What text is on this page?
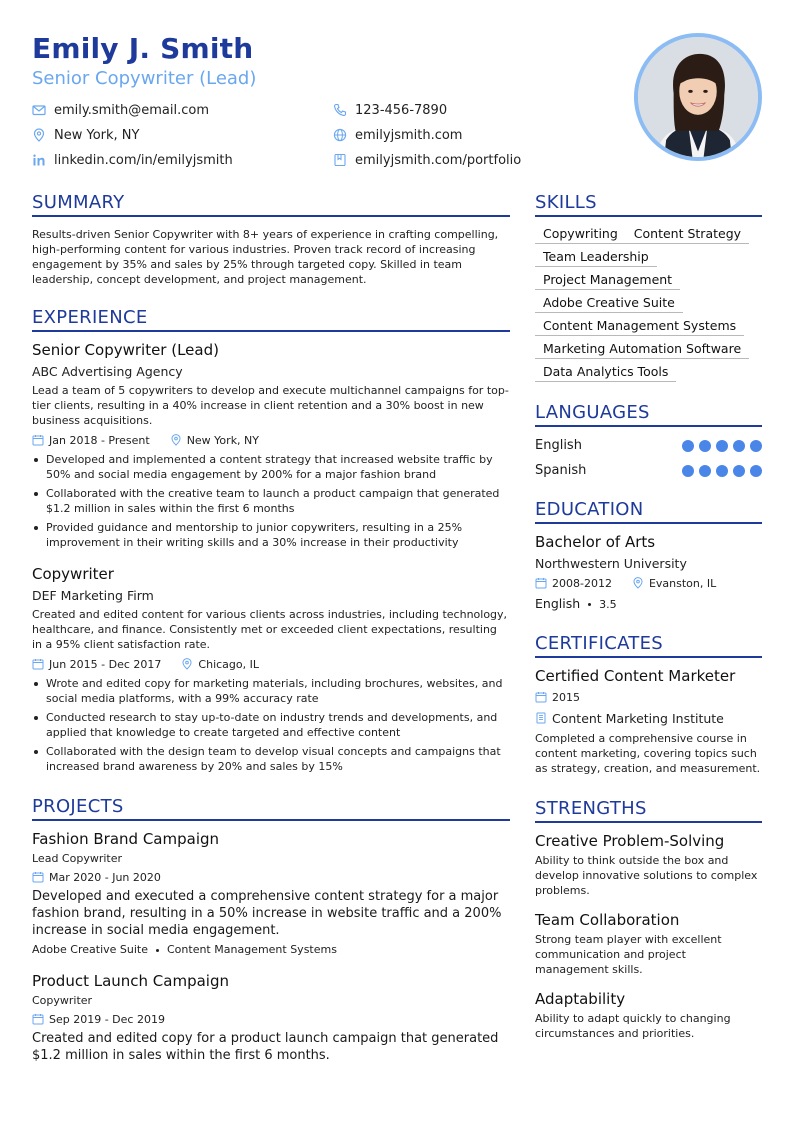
Emily J. Smith
Senior Copywriter (Lead)
emily.smith@email.com	123-456-7890
New York, NY	emilyjsmith.com
linkedin.com/in/emilyjsmith	emilyjsmith.com/portfolio
SUMMARY

Results-driven Senior Copywriter with 8+ years of experience in crafting compelling, high-performing content for various industries. Proven track record of increasing engagement by 35% and sales by 25% through targeted copy. Skilled in team leadership, concept development, and project management.

EXPERIENCE
Senior Copywriter (Lead)
ABC Advertising Agency

Lead a team of 5 copywriters to develop and execute multichannel campaigns for top-tier clients, resulting in a 40% increase in client retention and a 30% boost in new business acquisitions.

Jan 2018 - Present	New York, NY
Developed and implemented a content strategy that increased website traffic by 50% and social media engagement by 200% for a major fashion brand
Collaborated with the creative team to launch a product campaign that generated $1.2 million in sales within the first 6 months
Provided guidance and mentorship to junior copywriters, resulting in a 25% improvement in their writing skills and a 30% increase in their productivity
Copywriter
DEF Marketing Firm

Created and edited content for various clients across industries, including technology, healthcare, and finance. Consistently met or exceeded client expectations, resulting in a 95% client satisfaction rate.

Jun 2015 - Dec 2017	Chicago, IL
Wrote and edited copy for marketing materials, including brochures, websites, and social media platforms, with a 99% accuracy rate
Conducted research to stay up-to-date on industry trends and developments, and applied that knowledge to create targeted and effective content
Collaborated with the design team to develop visual concepts and campaigns that increased brand awareness by 20% and sales by 15%
PROJECTS
Fashion Brand Campaign
Lead Copywriter
Mar 2020 - Jun 2020

Developed and executed a comprehensive content strategy for a major fashion brand, resulting in a 50% increase in website traffic and a 200% increase in social media engagement.

Adobe Creative Suite Content Management Systems
Product Launch Campaign
Copywriter
Sep 2019 - Dec 2019

Created and edited copy for a product launch campaign that generated $1.2 million in sales within the first 6 months.

SKILLS
Copywriting	Content Strategy
Team Leadership
Project Management
Adobe Creative Suite
Content Management Systems
Marketing Automation Software
Data Analytics Tools
LANGUAGES
English
Spanish
EDUCATION
Bachelor of Arts
Northwestern University
2008-2012	Evanston, IL
English 3.5
CERTIFICATES
Certified Content Marketer
2015
Content Marketing Institute

Completed a comprehensive course in content marketing, covering topics such as strategy, creation, and measurement.

STRENGTHS
Creative Problem-Solving

Ability to think outside the box and develop innovative solutions to complex problems.

Team Collaboration

Strong team player with excellent communication and project management skills.

Adaptability

Ability to adapt quickly to changing circumstances and priorities.
